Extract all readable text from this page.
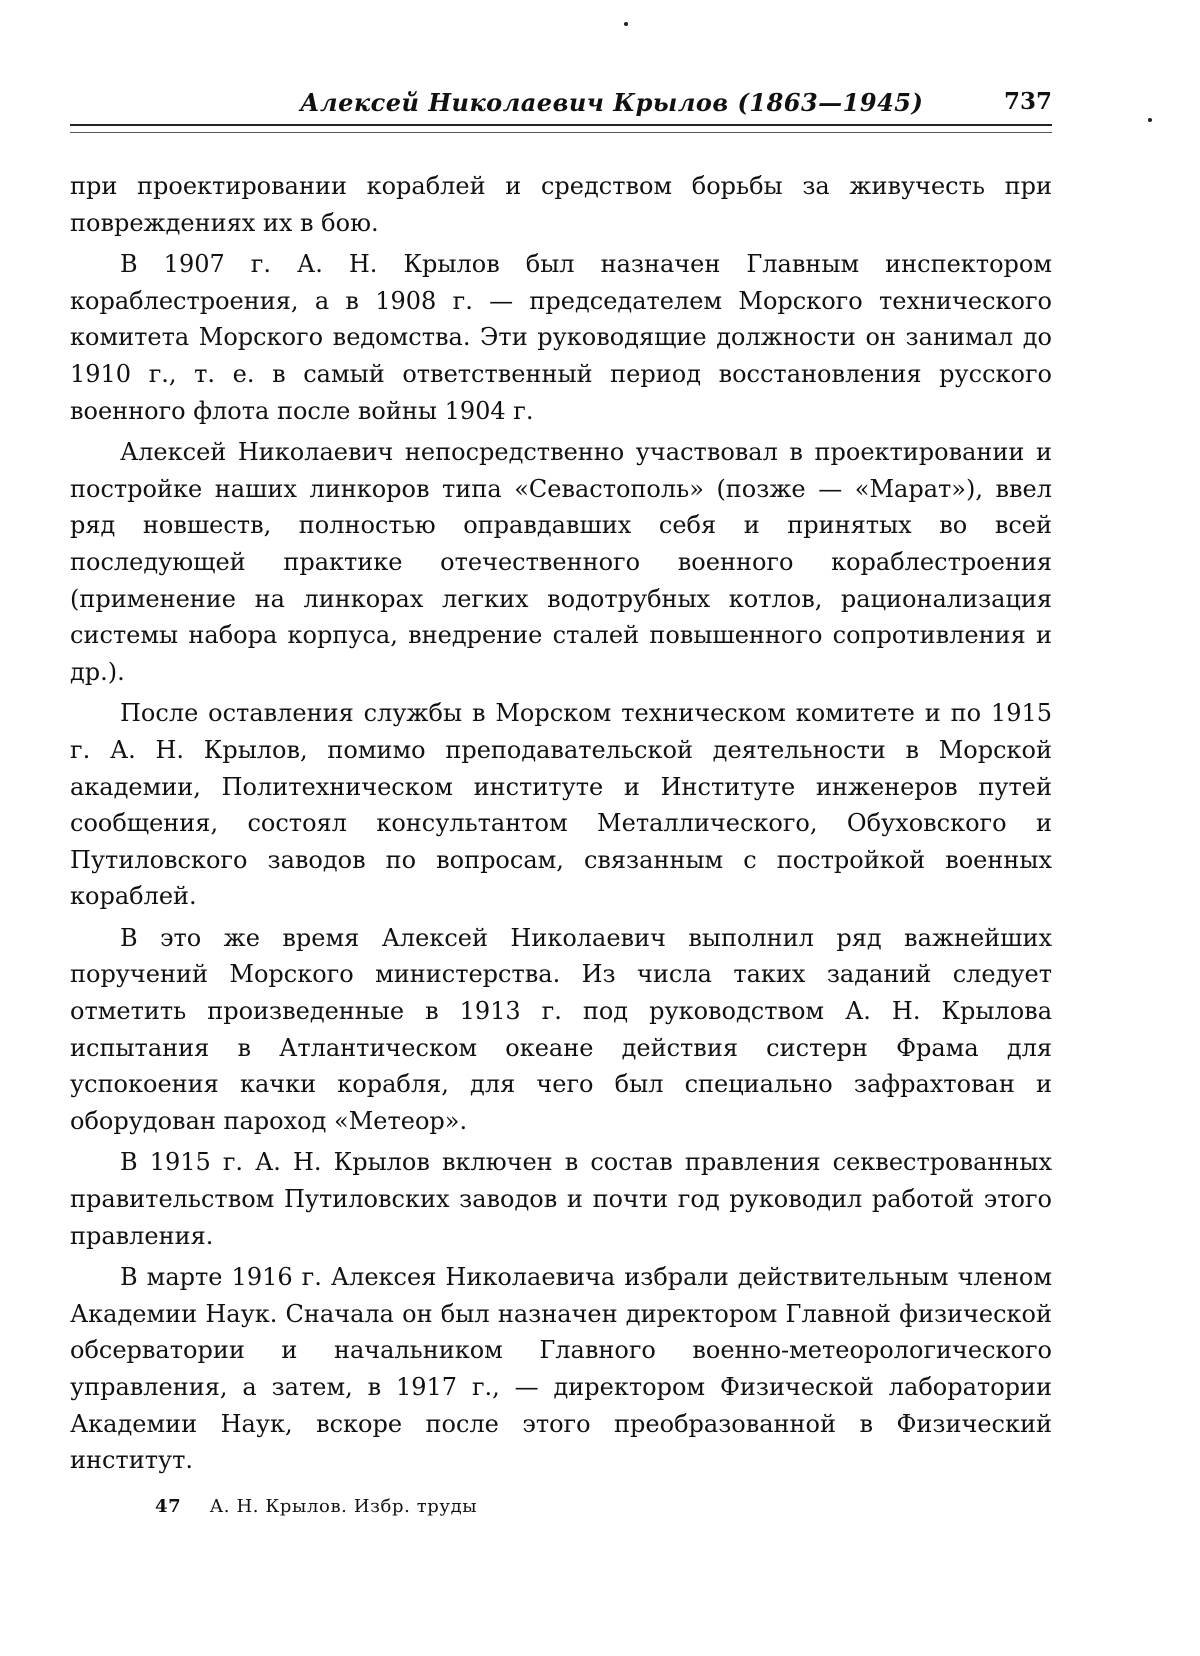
Алексей Николаевич Крылов (1863—1945)	737

при проектировании кораблей и средством борьбы за живучесть при повреждениях их в бою.

В 1907 г. А. Н. Крылов был назначен Главным инспектором кораблестроения, а в 1908 г. — председателем Морского технического комитета Морского ведомства. Эти руководящие должности он занимал до 1910 г., т. е. в самый ответственный период восстановления русского военного флота после войны 1904 г.

Алексей Николаевич непосредственно участвовал в проектировании и постройке наших линкоров типа «Севастополь» (позже — «Марат»), ввел ряд новшеств, полностью оправдавших себя и принятых во всей последующей практике отечественного военного кораблестроения (применение на линкорах легких водотрубных котлов, рационализация системы набора корпуса, внедрение сталей повышенного сопротивления и др.).

После оставления службы в Морском техническом комитете и по 1915 г. А. Н. Крылов, помимо преподавательской деятельности в Морской академии, Политехническом институте и Институте инженеров путей сообщения, состоял консультантом Металлического, Обуховского и Путиловского заводов по вопросам, связанным с постройкой военных кораблей.

В это же время Алексей Николаевич выполнил ряд важнейших поручений Морского министерства. Из числа таких заданий следует отметить произведенные в 1913 г. под руководством А. Н. Крылова испытания в Атлантическом океане действия систерн Фрама для успокоения качки корабля, для чего был специально зафрахтован и оборудован пароход «Метеор».

В 1915 г. А. Н. Крылов включен в состав правления секвестрованных правительством Путиловских заводов и почти год руководил работой этого правления.

В марте 1916 г. Алексея Николаевича избрали действительным членом Академии Наук. Сначала он был назначен директором Главной физической обсерватории и начальником Главного военно-метеорологического управления, а затем, в 1917 г., — директором Физической лаборатории Академии Наук, вскоре после этого преобразованной в Физический институт.

47 А. Н. Крылов. Избр. труды
